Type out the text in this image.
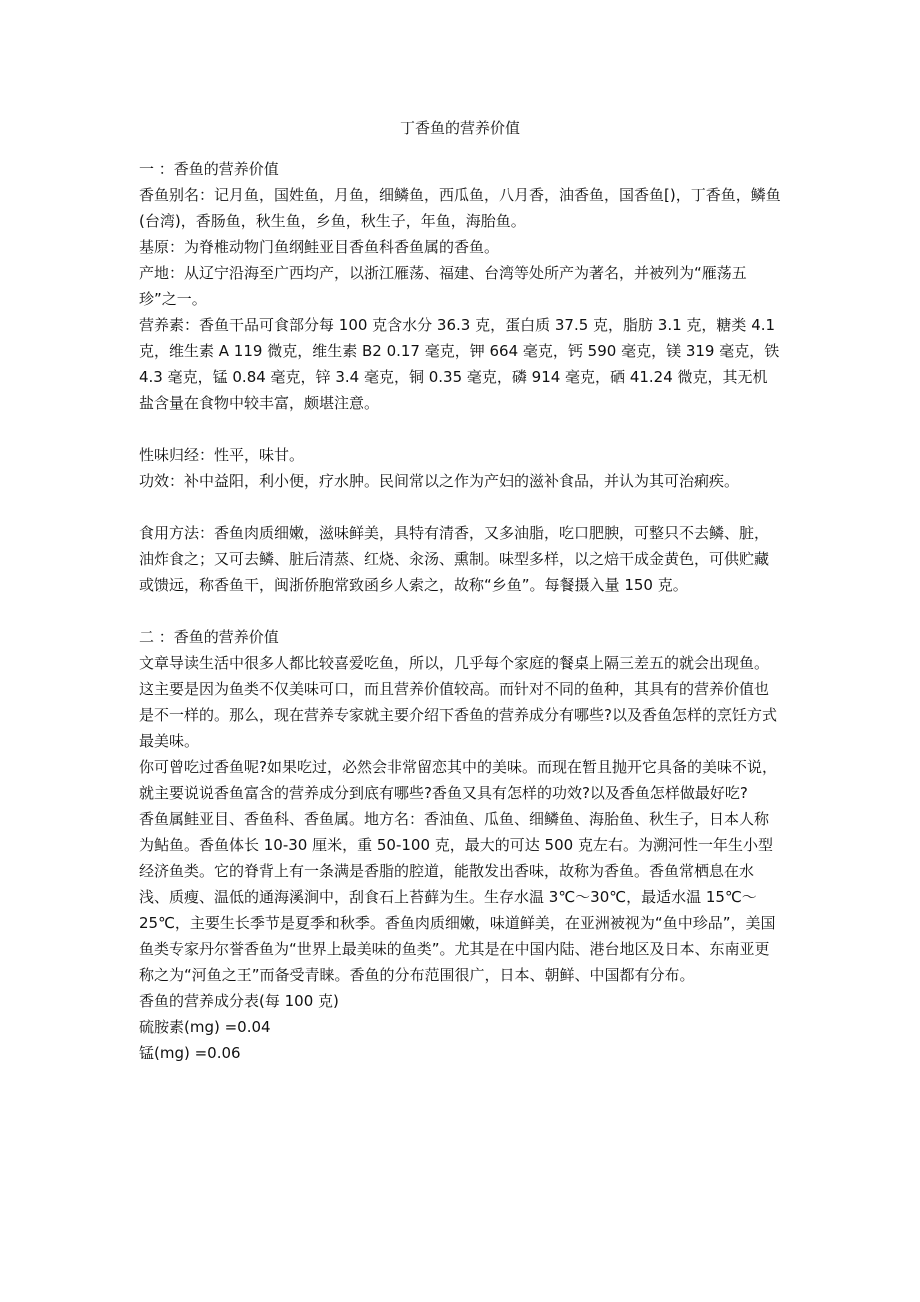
丁香鱼的营养价值

一 ：香鱼的营养价值

香鱼别名：记月鱼，国姓鱼，月鱼，细鳞鱼，西瓜鱼，八月香，油香鱼，国香鱼[)，丁香鱼，鳞鱼(台湾)，香肠鱼，秋生鱼，乡鱼，秋生子，年鱼，海胎鱼。

基原：为脊椎动物门鱼纲鲑亚目香鱼科香鱼属的香鱼。

产地：从辽宁沿海至广西均产，以浙江雁荡、福建、台湾等处所产为著名，并被列为“雁荡五珍”之一。

营养素：香鱼干品可食部分每 100 克含水分 36.3 克，蛋白质 37.5 克，脂肪 3.1 克，糖类 4.1 克，维生素 A 119 微克，维生素 B2 0.17 毫克，钾 664 毫克，钙 590 毫克，镁 319 毫克，铁 4.3 毫克，锰 0.84 毫克，锌 3.4 毫克，铜 0.35 毫克，磷 914 毫克，硒 41.24 微克，其无机盐含量在食物中较丰富，颇堪注意。

性味归经：性平，味甘。

功效：补中益阳，利小便，疗水肿。民间常以之作为产妇的滋补食品，并认为其可治痢疾。

食用方法：香鱼肉质细嫩，滋味鲜美，具特有清香，又多油脂，吃口肥腴，可整只不去鳞、脏，油炸食之；又可去鳞、脏后清蒸、红烧、汆汤、熏制。味型多样，以之焙干成金黄色，可供贮藏或馈远，称香鱼干，闽浙侨胞常致函乡人索之，故称“乡鱼”。每餐摄入量 150 克。

二 ：香鱼的营养价值

文章导读生活中很多人都比较喜爱吃鱼，所以，几乎每个家庭的餐桌上隔三差五的就会出现鱼。这主要是因为鱼类不仅美味可口，而且营养价值较高。而针对不同的鱼种，其具有的营养价值也是不一样的。那么，现在营养专家就主要介绍下香鱼的营养成分有哪些?以及香鱼怎样的烹饪方式最美味。

你可曾吃过香鱼呢?如果吃过，必然会非常留恋其中的美味。而现在暂且抛开它具备的美味不说，就主要说说香鱼富含的营养成分到底有哪些?香鱼又具有怎样的功效?以及香鱼怎样做最好吃?

香鱼属鲑亚目、香鱼科、香鱼属。地方名：香油鱼、瓜鱼、细鳞鱼、海胎鱼、秋生子，日本人称为鲇鱼。香鱼体长 10-30 厘米，重 50-100 克，最大的可达 500 克左右。为溯河性一年生小型经济鱼类。它的脊背上有一条满是香脂的腔道，能散发出香味，故称为香鱼。香鱼常栖息在水浅、质瘦、温低的通海溪涧中，刮食石上苔藓为生。生存水温 3℃～30℃，最适水温 15℃～25℃，主要生长季节是夏季和秋季。香鱼肉质细嫩，味道鲜美，在亚洲被视为“鱼中珍品”，美国鱼类专家丹尔誉香鱼为“世界上最美味的鱼类”。尤其是在中国内陆、港台地区及日本、东南亚更称之为“河鱼之王”而备受青睐。香鱼的分布范围很广，日本、朝鲜、中国都有分布。

香鱼的营养成分表(每 100 克)

硫胺素(mg) =0.04

锰(mg) =0.06
